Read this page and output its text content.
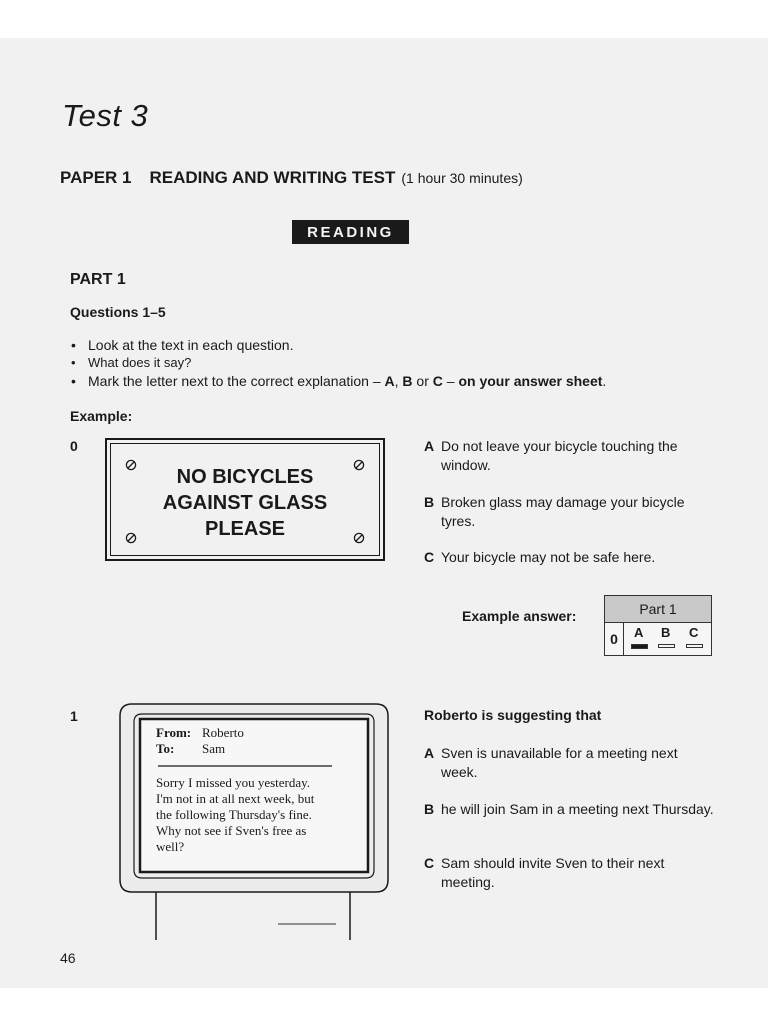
Test 3
PAPER 1 READING AND WRITING TEST (1 hour 30 minutes)
READING
PART 1
Questions 1–5
• Look at the text in each question.
• What does it say?
• Mark the letter next to the correct explanation – A, B or C – on your answer sheet.
Example:
0
NO BICYCLES
AGAINST GLASS
PLEASE
A Do not leave your bicycle touching the window.
B Broken glass may damage your bicycle tyres.
C Your bicycle may not be safe here.
Example answer:	Part 1
0	A B C
1
From: Roberto
To: Sam
Sorry I missed you yesterday.
I'm not in at all next week, but
the following Thursday's fine.
Why not see if Sven's free as
well?
Roberto is suggesting that
A Sven is unavailable for a meeting next week.
B he will join Sam in a meeting next Thursday.
C Sam should invite Sven to their next meeting.
46
